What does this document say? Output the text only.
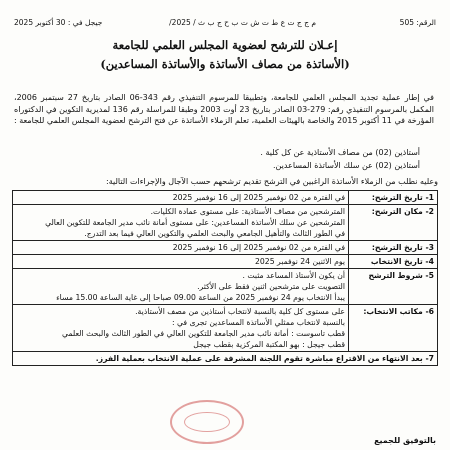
الرقم: 505
/م ج ج ت ع ط ت ش ت ب ح ج ب ث / 2025
جيجل في : 30 أكتوبر 2025
إعـلان للترشح لعضوية المجلس العلمي للجامعة
(الأساتذة من مصاف الأساتذة والأساتذة المساعدين)
في إطار عملية تجديد المجلس العلمي للجامعة، وتطبيقا للمرسوم التنفيذي رقم 343-06 الصادر بتاريخ 27 سبتمبر 2006، المكمل بالمرسوم التنفيذي رقم: 279-03 الصادر بتاريخ 23 أوت 2003 وطبقا للمراسلة رقم 136 لمديرية التكوين في الدكتوراه المؤرخة في 11 أكتوبر 2015 والخاصة بالهيئات العلمية، تعلم الزملاء الأساتذة عن فتح الترشح لعضوية المجلس العلمي للجامعة :
أستاذين (02) من مصاف الأستاذية عن كل كلية .
أستاذين (02) عن سلك الأساتذة المساعدين.
وعليه نطلب من الزملاء الأساتذة الراغبين في الترشح تقديم ترشحهم حسب الآجال والإجراءات التالية:
1- تاريخ الترشح:	في الفترة من 02 نوفمبر 2025 إلى 16 نوفمبر 2025

2- مكان الترشح:	المترشحين من مصاف الأستاذية: على مستوى عمادة الكليات.
المترشحين عن سلك الأساتذة المساعدين: على مستوى أمانة نائب مدير الجامعة للتكوين العالي
في الطور الثالث والتأهيل الجامعي والبحث العلمي والتكوين العالي فيما بعد التدرج.

3- تاريخ الترشح:	في الفترة من 02 نوفمبر 2025 إلى 16 نوفمبر 2025

4- تاريخ الانتخاب	يوم الاثنين 24 نوفمبر 2025

5- شروط الترشح	أن يكون الأستاذ المساعد مثبت .
التصويت على مترشحين اثنين فقط على الأكثر.
يبدأ الانتخاب يوم 24 نوفمبر 2025 من الساعة 09.00 صباحا إلى غاية الساعة 15.00 مساء

6- مكاتب الانتخاب:	على مستوى كل كلية بالنسبة لانتخاب أستاذين من مصف الأستاذية.
بالنسبة لانتخاب ممثلي الأساتذة المساعدين تجرى في :
قطب تاسوست : أمانة نائب مدير الجامعة للتكوين العالي في الطور الثالث والبحث العلمي
قطب جيجل : بهو المكتبة المركزية بقطب جيجل

7- بعد الانتهاء من الاقتراع مباشرة تقوم اللجنة المشرفة على عملية الانتخاب بعملية الفرز.	
بالتوفيق للجميع
